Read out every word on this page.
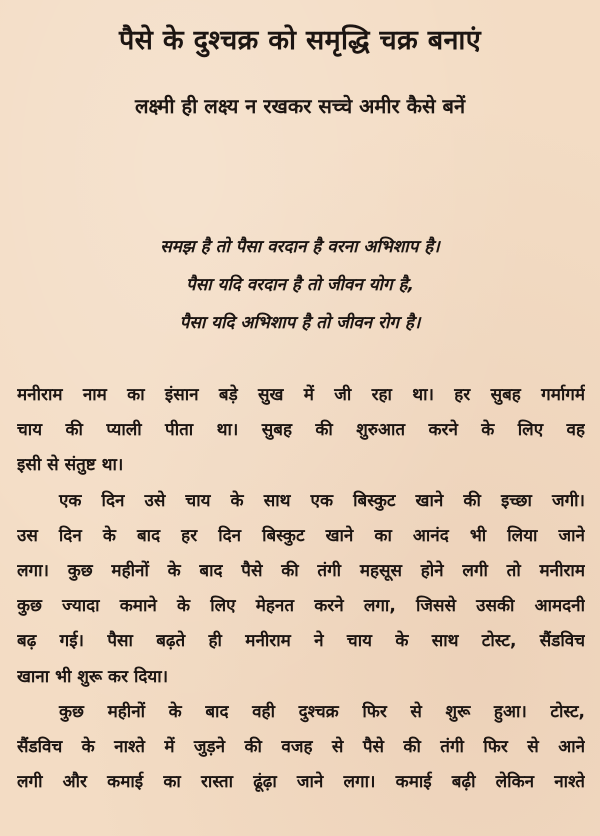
पैसे के दुश्चक्र को समृद्धि चक्र बनाएं
लक्ष्मी ही लक्ष्य न रखकर सच्चे अमीर कैसे बनें
समझ है तो पैसा वरदान है वरना अभिशाप है।
पैसा यदि वरदान है तो जीवन योग है,
पैसा यदि अभिशाप है तो जीवन रोग है।
मनीराम नाम का इंसान बड़े सुख में जी रहा था। हर सुबह गर्मागर्म
चाय की प्याली पीता था। सुबह की शुरुआत करने के लिए वह
इसी से संतुष्ट था।
एक दिन उसे चाय के साथ एक बिस्कुट खाने की इच्छा जगी।
उस दिन के बाद हर दिन बिस्कुट खाने का आनंद भी लिया जाने
लगा। कुछ महीनों के बाद पैसे की तंगी महसूस होने लगी तो मनीराम
कुछ ज्यादा कमाने के लिए मेहनत करने लगा, जिससे उसकी आमदनी
बढ़ गई। पैसा बढ़ते ही मनीराम ने चाय के साथ टोस्ट, सैंडविच
खाना भी शुरू कर दिया।
कुछ महीनों के बाद वही दुश्चक्र फिर से शुरू हुआ। टोस्ट,
सैंडविच के नाश्ते में जुड़ने की वजह से पैसे की तंगी फिर से आने
लगी और कमाई का रास्ता ढूंढ़ा जाने लगा। कमाई बढ़ी लेकिन नाश्ते
